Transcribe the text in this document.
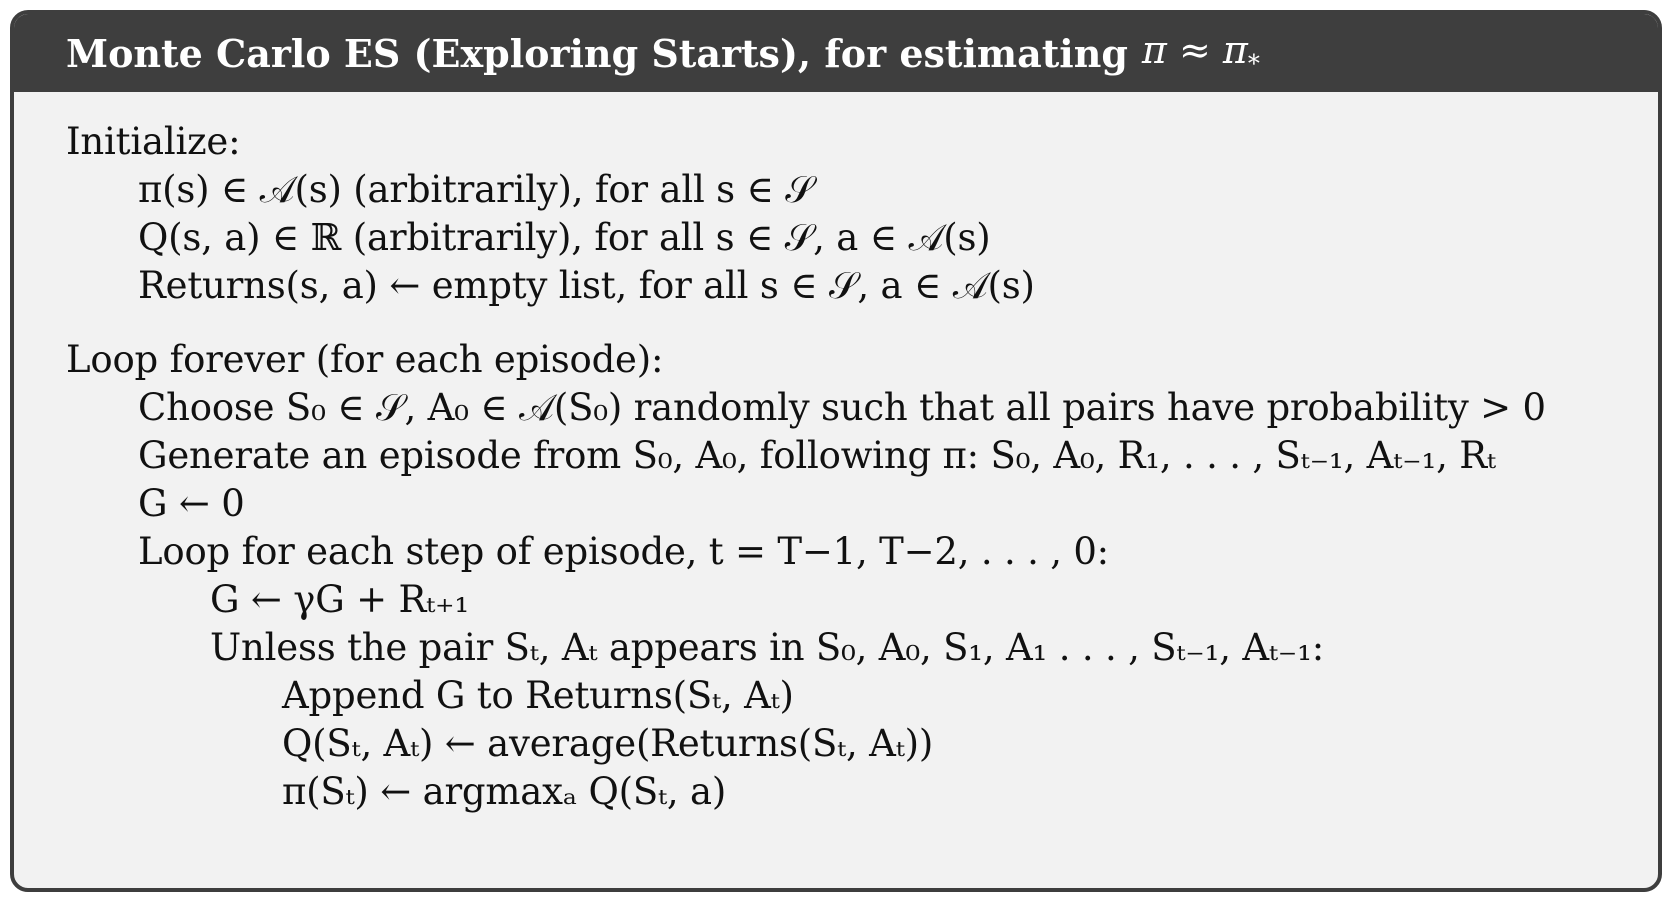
Monte Carlo ES (Exploring Starts), for estimating $\pi \approx \pi_*$
Initialize:
π(s) ∈ 𝒜(s) (arbitrarily), for all s ∈ 𝒮
Q(s, a) ∈ ℝ (arbitrarily), for all s ∈ 𝒮, a ∈ 𝒜(s)
Returns(s, a) ← empty list, for all s ∈ 𝒮, a ∈ 𝒜(s)
Loop forever (for each episode):
Choose S₀ ∈ 𝒮, A₀ ∈ 𝒜(S₀) randomly such that all pairs have probability > 0
Generate an episode from S₀, A₀, following π: S₀, A₀, R₁, . . . , Sₜ₋₁, Aₜ₋₁, Rₜ
G ← 0
Loop for each step of episode, t = T−1, T−2, . . . , 0:
G ← γG + Rₜ₊₁
Unless the pair Sₜ, Aₜ appears in S₀, A₀, S₁, A₁ . . . , Sₜ₋₁, Aₜ₋₁:
Append G to Returns(Sₜ, Aₜ)
Q(Sₜ, Aₜ) ← average(Returns(Sₜ, Aₜ))
π(Sₜ) ← argmaxₐ Q(Sₜ, a)
